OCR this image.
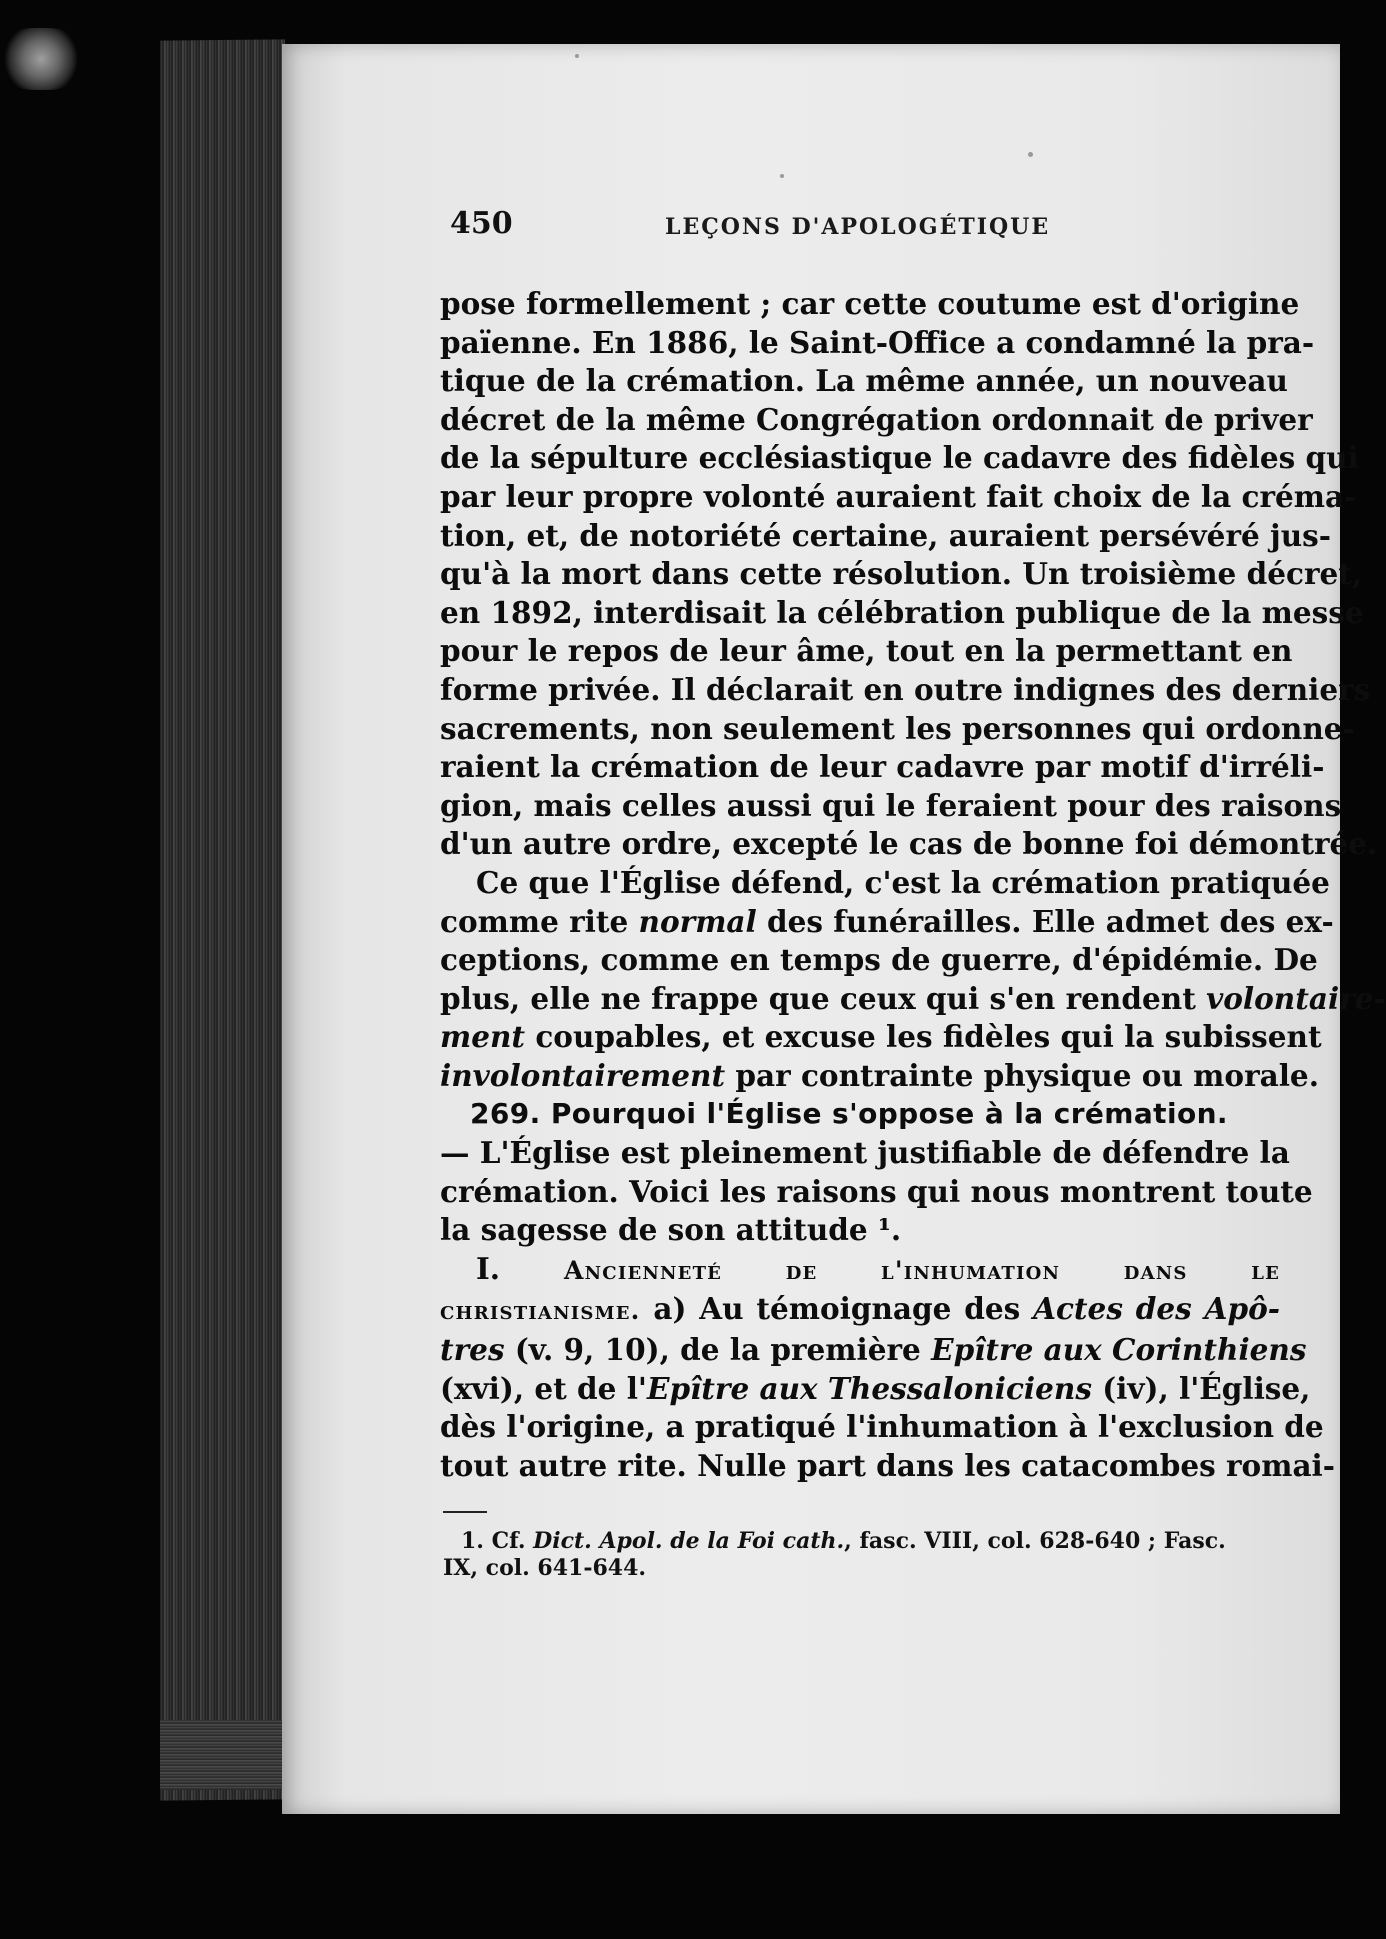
450	LEÇONS D'APOLOGÉTIQUE
pose formellement ; car cette coutume est d'origine
païenne. En 1886, le Saint-Office a condamné la pra-
tique de la crémation. La même année, un nouveau
décret de la même Congrégation ordonnait de priver
de la sépulture ecclésiastique le cadavre des fidèles qui
par leur propre volonté auraient fait choix de la créma-
tion, et, de notoriété certaine, auraient persévéré jus-
qu'à la mort dans cette résolution. Un troisième décret,
en 1892, interdisait la célébration publique de la messe
pour le repos de leur âme, tout en la permettant en
forme privée. Il déclarait en outre indignes des derniers
sacrements, non seulement les personnes qui ordonne-
raient la crémation de leur cadavre par motif d'irréli-
gion, mais celles aussi qui le feraient pour des raisons
d'un autre ordre, excepté le cas de bonne foi démontrée.
Ce que l'Église défend, c'est la crémation pratiquée
comme rite normal des funérailles. Elle admet des ex-
ceptions, comme en temps de guerre, d'épidémie. De
plus, elle ne frappe que ceux qui s'en rendent volontaire-
ment coupables, et excuse les fidèles qui la subissent
involontairement par contrainte physique ou morale.
269. Pourquoi l'Église s'oppose à la crémation.
— L'Église est pleinement justifiable de défendre la
crémation. Voici les raisons qui nous montrent toute
la sagesse de son attitude ¹.
I. Ancienneté de l'inhumation dans le
christianisme. a) Au témoignage des Actes des Apô-
tres (v. 9, 10), de la première Epître aux Corinthiens
(xvi), et de l'Epître aux Thessaloniciens (iv), l'Église,
dès l'origine, a pratiqué l'inhumation à l'exclusion de
tout autre rite. Nulle part dans les catacombes romai-
1. Cf. Dict. Apol. de la Foi cath., fasc. VIII, col. 628-640 ; Fasc.
IX, col. 641-644.
